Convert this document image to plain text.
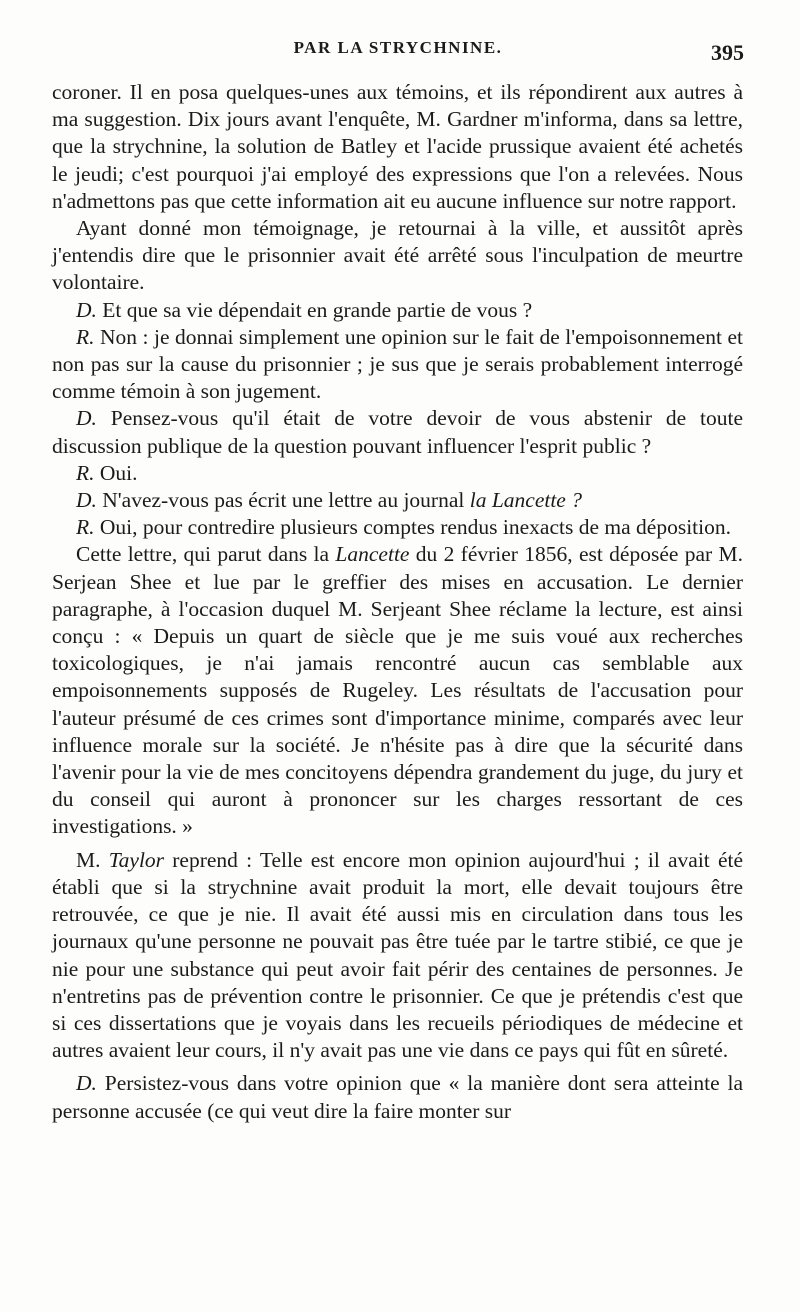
PAR LA STRYCHNINE.	395

coroner. Il en posa quelques-unes aux témoins, et ils répondirent aux autres à ma suggestion. Dix jours avant l'enquête, M. Gardner m'informa, dans sa lettre, que la strychnine, la solution de Batley et l'acide prussique avaient été achetés le jeudi; c'est pourquoi j'ai employé des expressions que l'on a relevées. Nous n'admettons pas que cette information ait eu aucune influence sur notre rapport.

Ayant donné mon témoignage, je retournai à la ville, et aussitôt après j'entendis dire que le prisonnier avait été arrêté sous l'inculpation de meurtre volontaire.

D. Et que sa vie dépendait en grande partie de vous ?

R. Non : je donnai simplement une opinion sur le fait de l'empoisonnement et non pas sur la cause du prisonnier ; je sus que je serais probablement interrogé comme témoin à son jugement.

D. Pensez-vous qu'il était de votre devoir de vous abstenir de toute discussion publique de la question pouvant influencer l'esprit public ?

R. Oui.

D. N'avez-vous pas écrit une lettre au journal la Lancette ?

R. Oui, pour contredire plusieurs comptes rendus inexacts de ma déposition.

Cette lettre, qui parut dans la Lancette du 2 février 1856, est déposée par M. Serjean Shee et lue par le greffier des mises en accusation. Le dernier paragraphe, à l'occasion duquel M. Serjeant Shee réclame la lecture, est ainsi conçu : « Depuis un quart de siècle que je me suis voué aux recherches toxicologiques, je n'ai jamais rencontré aucun cas semblable aux empoisonnements supposés de Rugeley. Les résultats de l'accusation pour l'auteur présumé de ces crimes sont d'importance minime, comparés avec leur influence morale sur la société. Je n'hésite pas à dire que la sécurité dans l'avenir pour la vie de mes concitoyens dépendra grandement du juge, du jury et du conseil qui auront à prononcer sur les charges ressortant de ces investigations. »

M. Taylor reprend : Telle est encore mon opinion aujourd'hui ; il avait été établi que si la strychnine avait produit la mort, elle devait toujours être retrouvée, ce que je nie. Il avait été aussi mis en circulation dans tous les journaux qu'une personne ne pouvait pas être tuée par le tartre stibié, ce que je nie pour une substance qui peut avoir fait périr des centaines de personnes. Je n'entretins pas de prévention contre le prisonnier. Ce que je prétendis c'est que si ces dissertations que je voyais dans les recueils périodiques de médecine et autres avaient leur cours, il n'y avait pas une vie dans ce pays qui fût en sûreté.

D. Persistez-vous dans votre opinion que « la manière dont sera atteinte la personne accusée (ce qui veut dire la faire monter sur
